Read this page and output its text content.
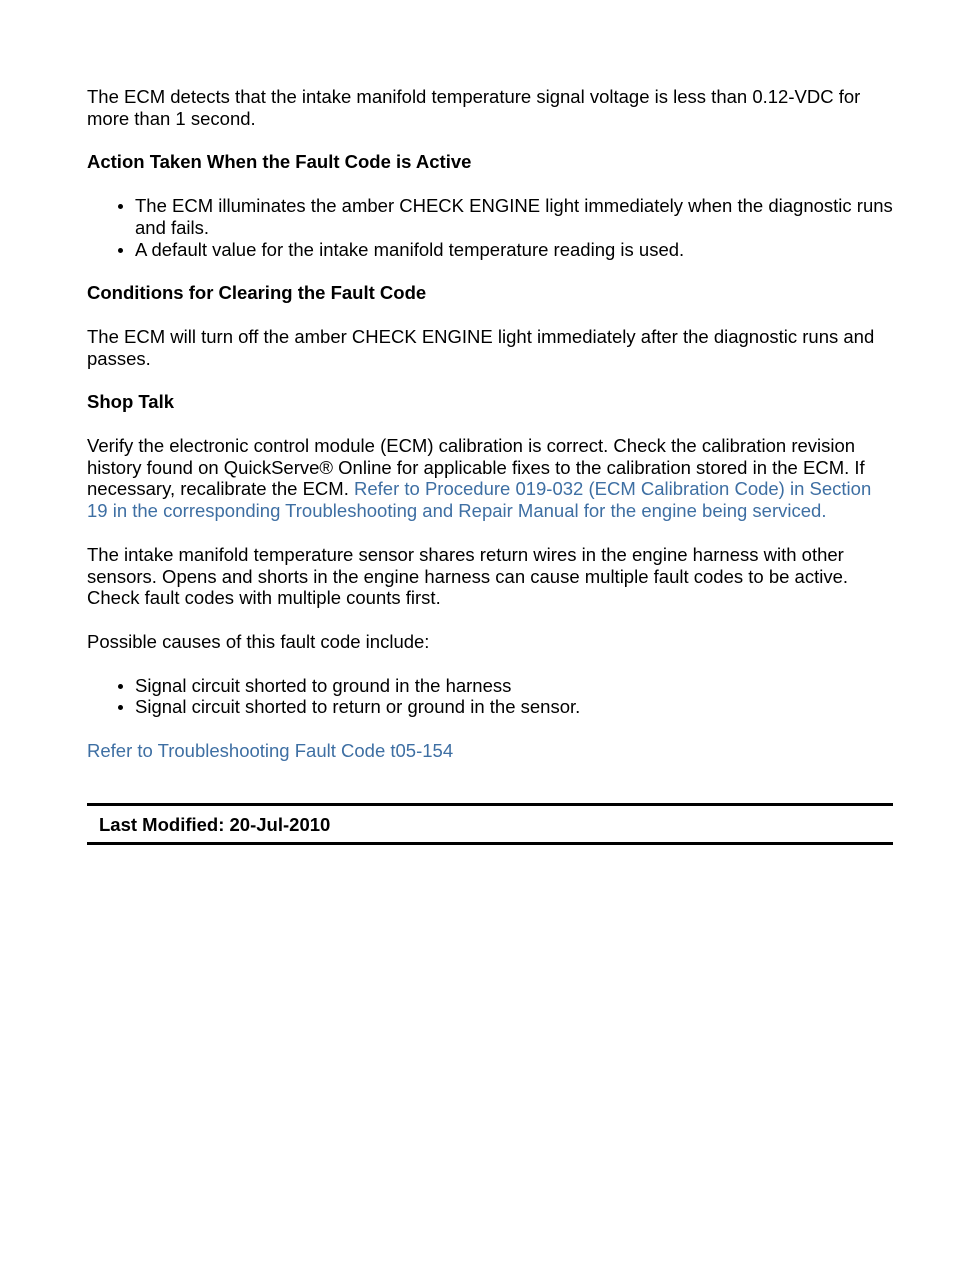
The ECM detects that the intake manifold temperature signal voltage is less than 0.12-VDC for more than 1 second.

Action Taken When the Fault Code is Active
The ECM illuminates the amber CHECK ENGINE light immediately when the diagnostic runs and fails.
A default value for the intake manifold temperature reading is used.
Conditions for Clearing the Fault Code

The ECM will turn off the amber CHECK ENGINE light immediately after the diagnostic runs and passes.

Shop Talk

Verify the electronic control module (ECM) calibration is correct. Check the calibration revision history found on QuickServe® Online for applicable fixes to the calibration stored in the ECM. If necessary, recalibrate the ECM. Refer to Procedure 019-032 (ECM Calibration Code) in Section 19 in the corresponding Troubleshooting and Repair Manual for the engine being serviced.

The intake manifold temperature sensor shares return wires in the engine harness with other sensors. Opens and shorts in the engine harness can cause multiple fault codes to be active. Check fault codes with multiple counts first.

Possible causes of this fault code include:

Signal circuit shorted to ground in the harness
Signal circuit shorted to return or ground in the sensor.

Refer to Troubleshooting Fault Code t05-154

Last Modified: 20-Jul-2010
